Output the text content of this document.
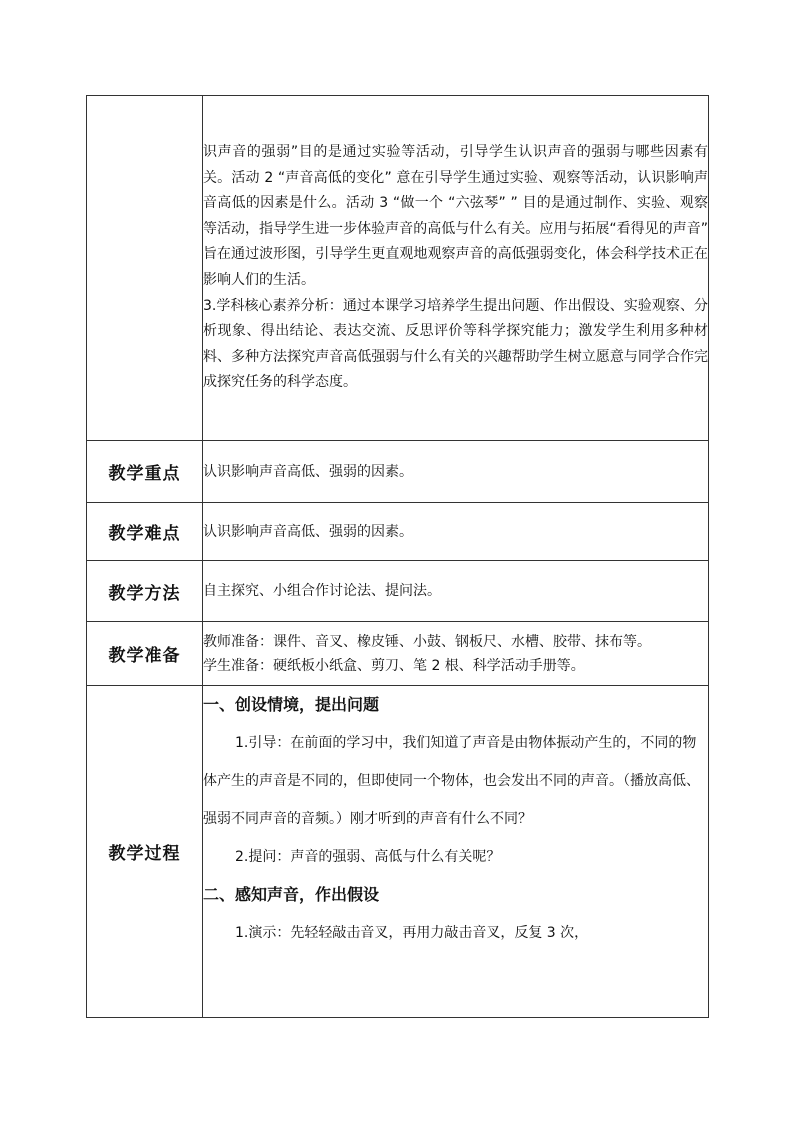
	识声音的强弱”目的是通过实验等活动，引导学生认识声音的强弱与哪些因素有关。活动 2 “声音高低的变化” 意在引导学生通过实验、观察等活动，认识影响声音高低的因素是什么。活动 3 “做一个 “六弦琴” ” 目的是通过制作、实验、观察等活动，指导学生进一步体验声音的高低与什么有关。应用与拓展“看得见的声音” 旨在通过波形图，引导学生更直观地观察声音的高低强弱变化，体会科学技术正在影响人们的生活。

3.学科核心素养分析：通过本课学习培养学生提出问题、作出假设、实验观察、分析现象、得出结论、表达交流、反思评价等科学探究能力；激发学生利用多种材料、多种方法探究声音高低强弱与什么有关的兴趣帮助学生树立愿意与同学合作完成探究任务的科学态度。

教学重点	认识影响声音高低、强弱的因素。
教学难点	认识影响声音高低、强弱的因素。
教学方法	自主探究、小组合作讨论法、提问法。
教学准备	教师准备：课件、音叉、橡皮锤、小鼓、钢板尺、水槽、胶带、抹布等。

学生准备：硬纸板小纸盒、剪刀、笔 2 根、科学活动手册等。

教学过程	一、创设情境，提出问题

1.引导：在前面的学习中，我们知道了声音是由物体振动产生的，不同的物体产生的声音是不同的，但即使同一个物体，也会发出不同的声音。（播放高低、强弱不同声音的音频。）刚才听到的声音有什么不同？

2.提问：声音的强弱、高低与什么有关呢？

二、感知声音，作出假设

1.演示：先轻轻敲击音叉，再用力敲击音叉，反复 3 次，
